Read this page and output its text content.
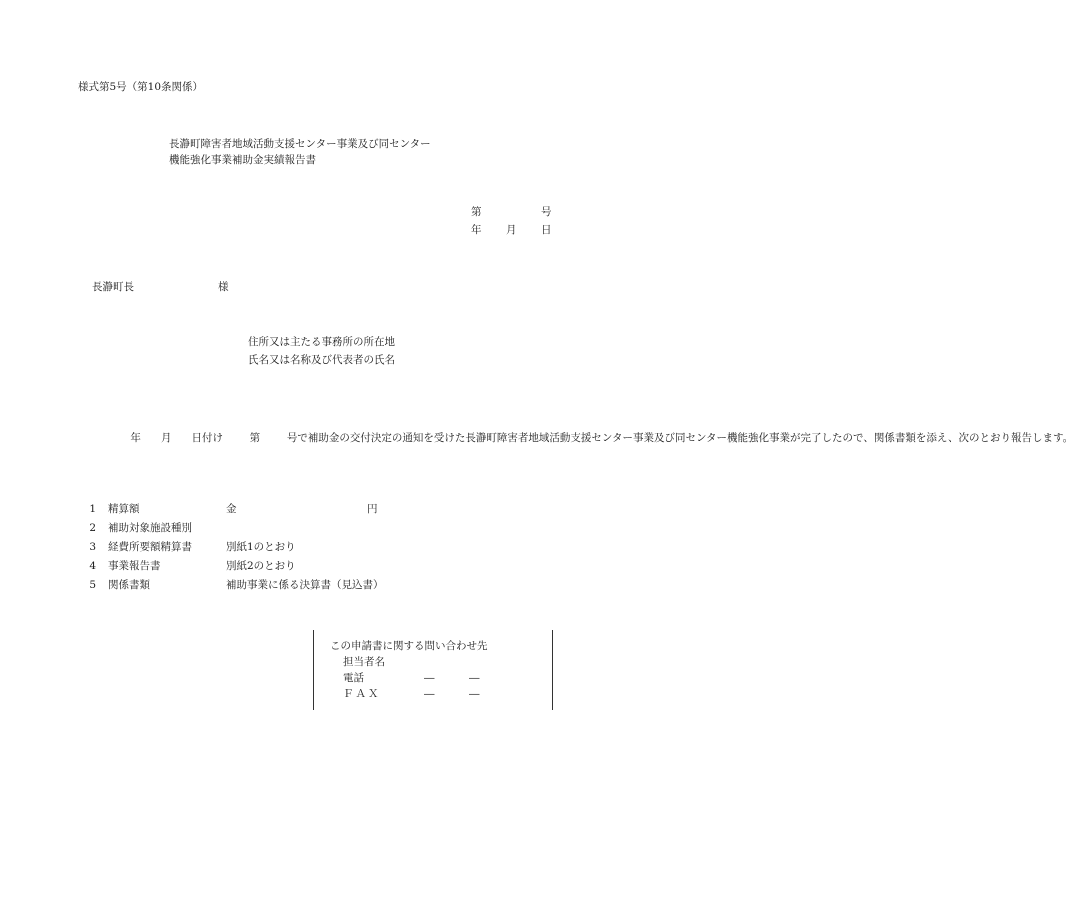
様式第5号（第10条関係）
長瀞町障害者地域活動支援センター事業及び同センター
機能強化事業補助金実績報告書
第	号
年 月 日
長瀞町長	様
住所又は主たる事務所の所在地
氏名又は名称及び代表者の氏名
年 月 日付け	第	号で補助金の交付決定の通知を受けた長瀞町障害者地域活動支援センター事業及び同センター機能強化事業が完了したので、関係書類を添え、次のとおり報告します。
1 精算額	金	円
2 補助対象施設種別
3 経費所要額精算書	別紙1のとおり
4 事業報告書	別紙2のとおり
5 関係書類	補助事業に係る決算書（見込書）
この申請書に関する問い合わせ先
担当者名
電話	―	―
ＦＡＸ	―	―
